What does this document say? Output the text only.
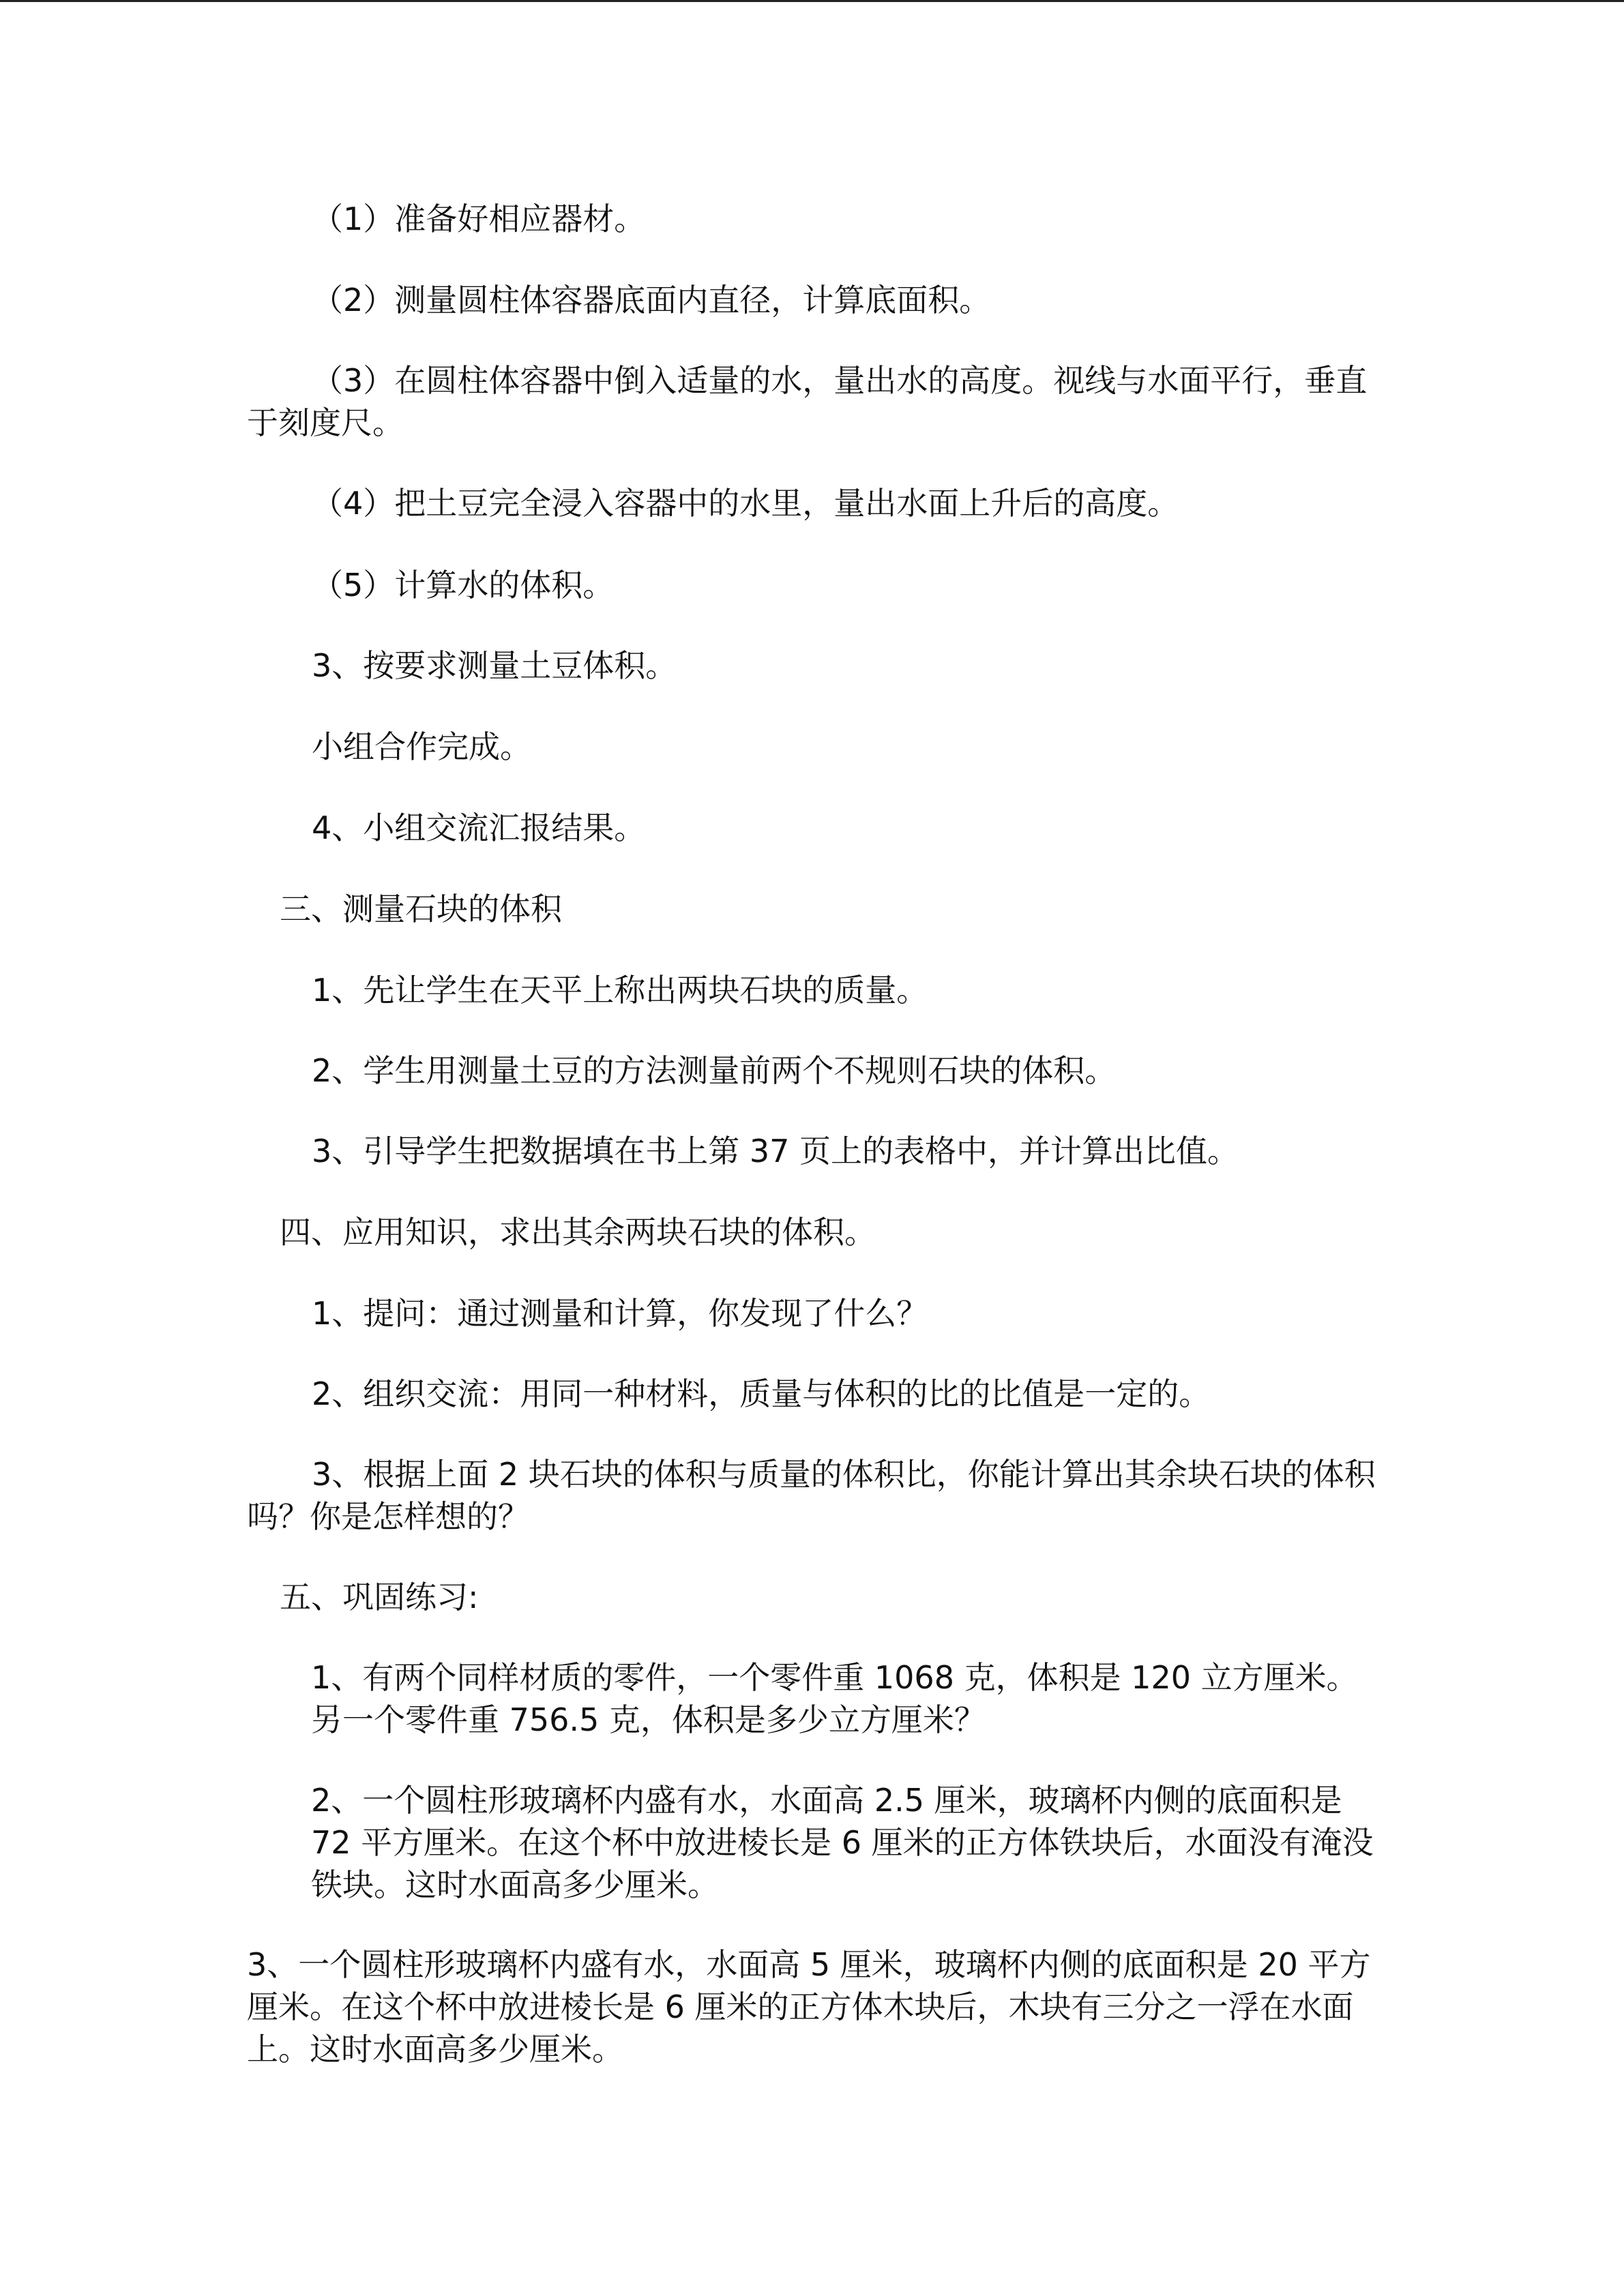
（1）准备好相应器材。

（2）测量圆柱体容器底面内直径，计算底面积。

（3）在圆柱体容器中倒入适量的水，量出水的高度。视线与水面平行，垂直于刻度尺。

（4）把土豆完全浸入容器中的水里，量出水面上升后的高度。

（5）计算水的体积。

3、按要求测量土豆体积。

小组合作完成。

4、小组交流汇报结果。

三、测量石块的体积

1、先让学生在天平上称出两块石块的质量。

2、学生用测量土豆的方法测量前两个不规则石块的体积。

3、引导学生把数据填在书上第 37 页上的表格中，并计算出比值。

四、应用知识，求出其余两块石块的体积。

1、提问：通过测量和计算，你发现了什么？

2、组织交流：用同一种材料，质量与体积的比的比值是一定的。

3、根据上面 2 块石块的体积与质量的体积比，你能计算出其余块石块的体积吗？你是怎样想的？

五、巩固练习:

1、有两个同样材质的零件，一个零件重 1068 克，体积是 120 立方厘米。另一个零件重 756.5 克，体积是多少立方厘米？

2、一个圆柱形玻璃杯内盛有水，水面高 2.5 厘米，玻璃杯内侧的底面积是 72 平方厘米。在这个杯中放进棱长是 6 厘米的正方体铁块后，水面没有淹没铁块。这时水面高多少厘米。

3、一个圆柱形玻璃杯内盛有水，水面高 5 厘米，玻璃杯内侧的底面积是 20 平方厘米。在这个杯中放进棱长是 6 厘米的正方体木块后，木块有三分之一浮在水面上。这时水面高多少厘米。
